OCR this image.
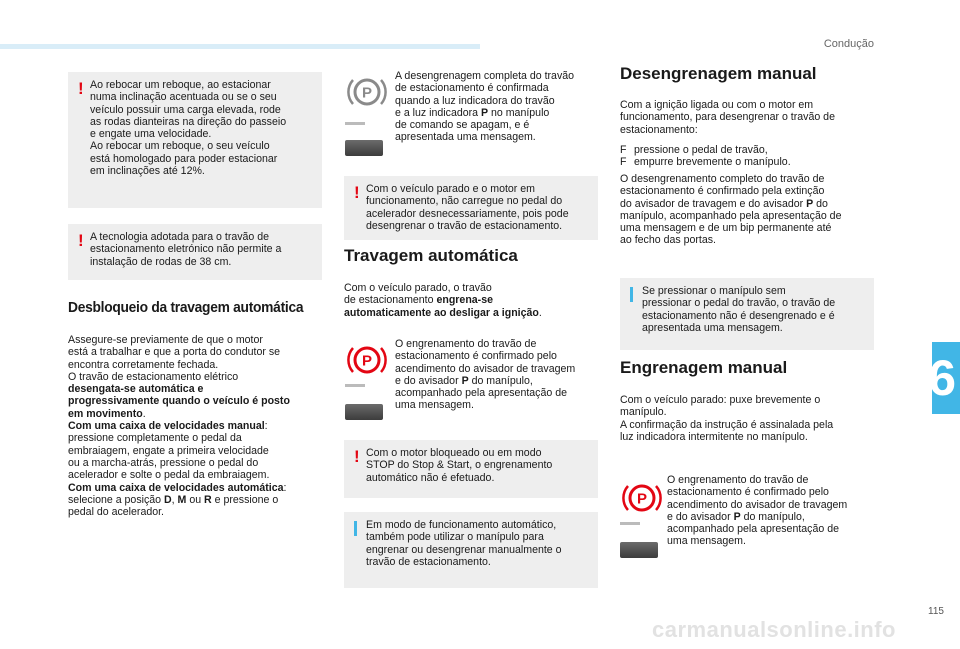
Condução
! Ao rebocar um reboque, ao estacionar
numa inclinação acentuada ou se o seu
veículo possuir uma carga elevada, rode
as rodas dianteiras na direção do passeio
e engate uma velocidade.
Ao rebocar um reboque, o seu veículo
está homologado para poder estacionar
em inclinações até 12%.
! A tecnologia adotada para o travão de
estacionamento eletrónico não permite a
instalação de rodas de 38 cm.
Desbloqueio da travagem automática
Assegure-se previamente de que o motor
está a trabalhar e que a porta do condutor se
encontra corretamente fechada.
O travão de estacionamento elétrico
desengata-se automática e
progressivamente quando o veículo é posto
em movimento.
Com uma caixa de velocidades manual:
pressione completamente o pedal da
embraiagem, engate a primeira velocidade
ou a marcha-atrás, pressione o pedal do
acelerador e solte o pedal da embraiagem.
Com uma caixa de velocidades automática:
selecione a posição D, M ou R e pressione o
pedal do acelerador.
P
A desengrenagem completa do travão
de estacionamento é confirmada
quando a luz indicadora do travão
e a luz indicadora P no manípulo
de comando se apagam, e é
apresentada uma mensagem.
! Com o veículo parado e o motor em
funcionamento, não carregue no pedal do
acelerador desnecessariamente, pois pode
desengrenar o travão de estacionamento.
Travagem automática
Com o veículo parado, o travão
de estacionamento engrena-se
automaticamente ao desligar a ignição.
P
O engrenamento do travão de
estacionamento é confirmado pelo
acendimento do avisador de travagem
e do avisador P do manípulo,
acompanhado pela apresentação de
uma mensagem.
! Com o motor bloqueado ou em modo
STOP do Stop & Start, o engrenamento
automático não é efetuado.
Em modo de funcionamento automático,
também pode utilizar o manípulo para
engrenar ou desengrenar manualmente o
travão de estacionamento.
Desengrenagem manual
Com a ignição ligada ou com o motor em
funcionamento, para desengrenar o travão de
estacionamento:
F pressione o pedal de travão,
F empurre brevemente o manípulo.
O desengrenamento completo do travão de
estacionamento é confirmado pela extinção
do avisador de travagem e do avisador P do
manípulo, acompanhado pela apresentação de
uma mensagem e de um bip permanente até
ao fecho das portas.
Se pressionar o manípulo sem
pressionar o pedal do travão, o travão de
estacionamento não é desengrenado e é
apresentada uma mensagem.
Engrenagem manual
Com o veículo parado: puxe brevemente o
manípulo.
A confirmação da instrução é assinalada pela
luz indicadora intermitente no manípulo.
P
O engrenamento do travão de
estacionamento é confirmado pelo
acendimento do avisador de travagem
e do avisador P do manípulo,
acompanhado pela apresentação de
uma mensagem.
6
115
carmanualsonline.info
